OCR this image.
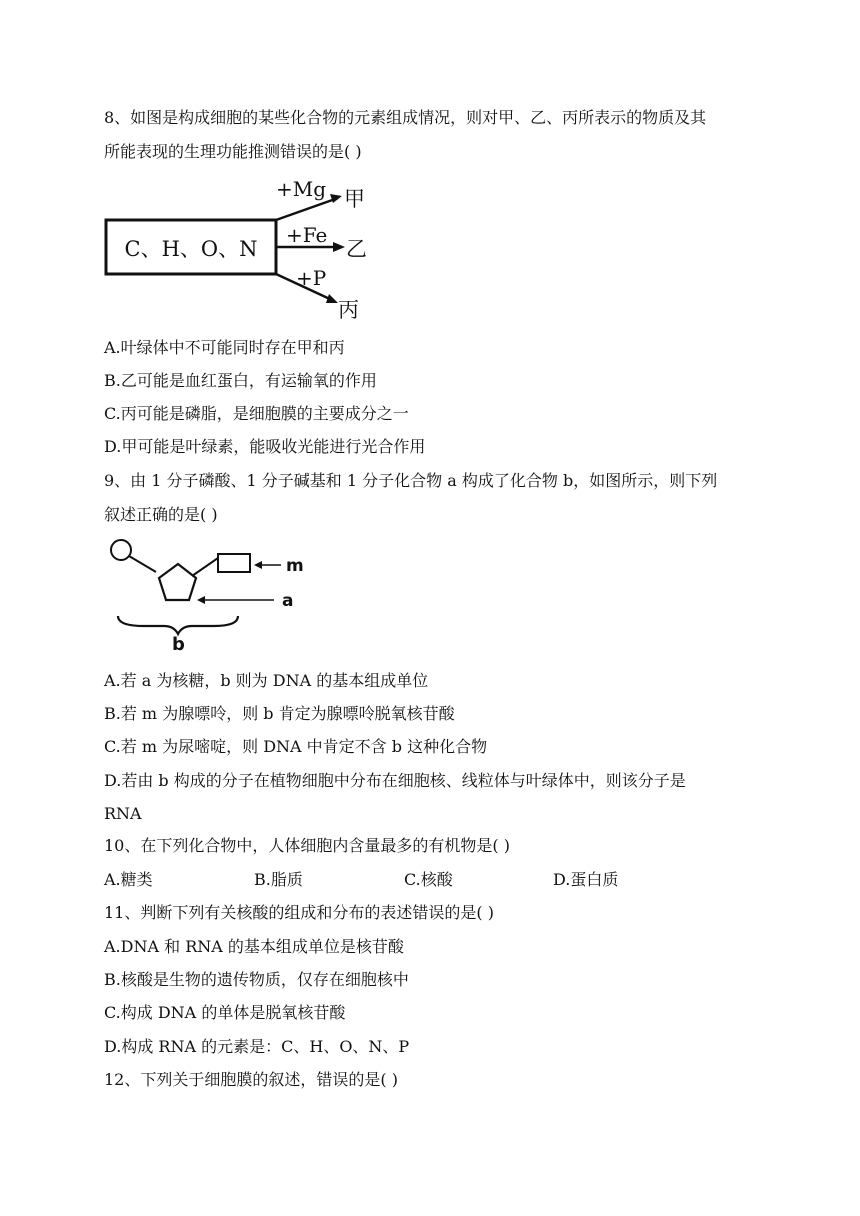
8、如图是构成细胞的某些化合物的元素组成情况，则对甲、乙、丙所表示的物质及其
所能表现的生理功能推测错误的是( )
C、H、O、N
+Mg 甲
+Fe
乙
+P
丙
A.叶绿体中不可能同时存在甲和丙
B.乙可能是血红蛋白，有运输氧的作用
C.丙可能是磷脂，是细胞膜的主要成分之一
D.甲可能是叶绿素，能吸收光能进行光合作用
9、由 1 分子磷酸、1 分子碱基和 1 分子化合物 a 构成了化合物 b，如图所示，则下列
叙述正确的是( )
m
a
b
A.若 a 为核糖，b 则为 DNA 的基本组成单位
B.若 m 为腺嘌呤，则 b 肯定为腺嘌呤脱氧核苷酸
C.若 m 为尿嘧啶，则 DNA 中肯定不含 b 这种化合物
D.若由 b 构成的分子在植物细胞中分布在细胞核、线粒体与叶绿体中，则该分子是
RNA
10、在下列化合物中，人体细胞内含量最多的有机物是( )
A.糖类	B.脂质	C.核酸	D.蛋白质
11、判断下列有关核酸的组成和分布的表述错误的是( )
A.DNA 和 RNA 的基本组成单位是核苷酸
B.核酸是生物的遗传物质，仅存在细胞核中
C.构成 DNA 的单体是脱氧核苷酸
D.构成 RNA 的元素是：C、H、O、N、P
12、下列关于细胞膜的叙述，错误的是( )
